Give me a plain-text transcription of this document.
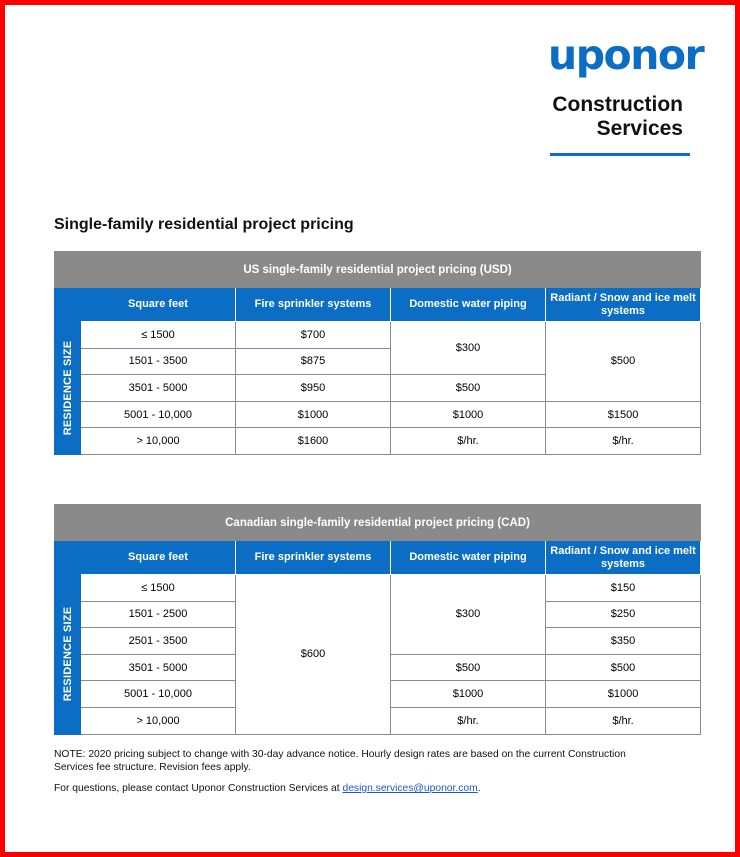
uponor
Construction
Services
Single-family residential project pricing
US single-family residential project pricing (USD)				
	Square feet	Fire sprinkler systems	Domestic water piping	Radiant / Snow and ice melt systems

RESIDENCE SIZE	≤ 1500	$700	$300	$500
	1501 - 3500	$875		
	3501 - 5000	$950	$500	
	5001 - 10,000	$1000	$1000	$1500
	> 10,000	$1600	$/hr.	$/hr.
Canadian single-family residential project pricing (CAD)				
	Square feet	Fire sprinkler systems	Domestic water piping	Radiant / Snow and ice melt systems

RESIDENCE SIZE	≤ 1500	$600	$300	$150
	1501 - 2500			$250
	2501 - 3500			$350
	3501 - 5000		$500	$500
	5001 - 10,000		$1000	$1000
	> 10,000		$/hr.	$/hr.
NOTE: 2020 pricing subject to change with 30-day advance notice. Hourly design rates are based on the current Construction Services fee structure. Revision fees apply.
For questions, please contact Uponor Construction Services at design.services@uponor.com.
